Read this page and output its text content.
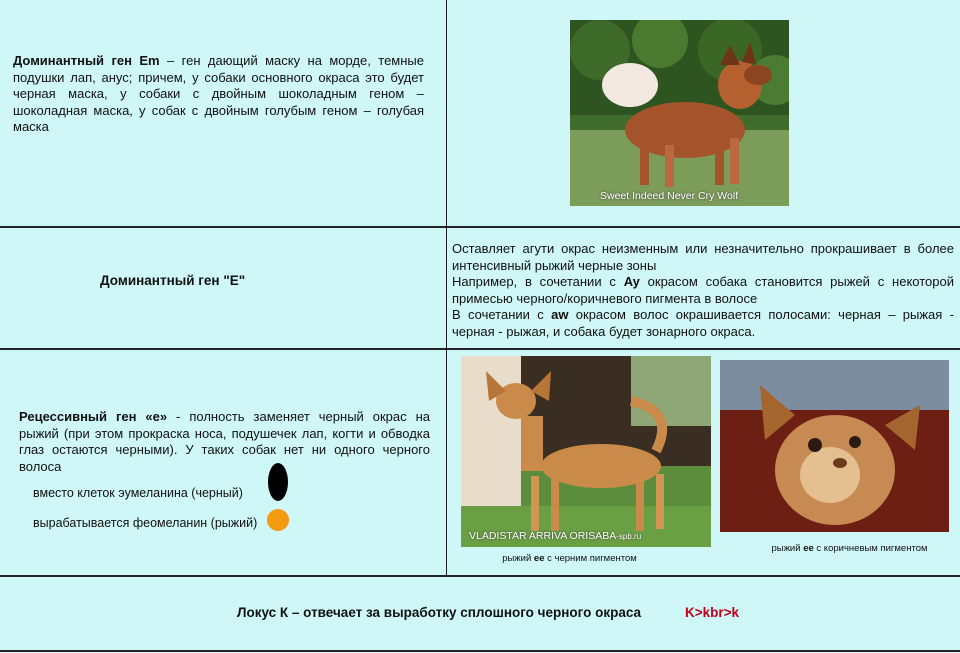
Доминантный ген Em – ген дающий маску на морде, темные подушки лап, анус; причем, у собаки основного окраса это будет черная маска, у собаки с двойным шоколадным геном – шоколадная маска, у собак с двойным голубым геном – голубая маска
Sweet Indeed Never Cry Wolf
Доминантный ген "E"
Оставляет агути окрас неизменным или незначительно прокрашивает в более интенсивный рыжий черные зоны
Например, в сочетании с Ay окрасом собака становится рыжей с некоторой примесью черного/коричневого пигмента в волосе
В сочетании с aw окрасом волос окрашивается полосами: черная – рыжая - черная - рыжая, и собака будет зонарного окраса.
Рецессивный ген «е» - полность заменяет черный окрас на рыжий (при этом прокраска носа, подушечек лап, когти и обводка глаз остаются черными). У таких собак нет ни одного черного волоса
вместо клеток эумеланина (черный)
вырабатывается феомеланин (рыжий)
VLADISTAR ARRIVA ORISABA-spb.ru
рыжий ее с черним пигментом
рыжий ее с коричневым пигментом
Локус К – отвечает за выработку сплошного черного окраса	K>kbr>k
